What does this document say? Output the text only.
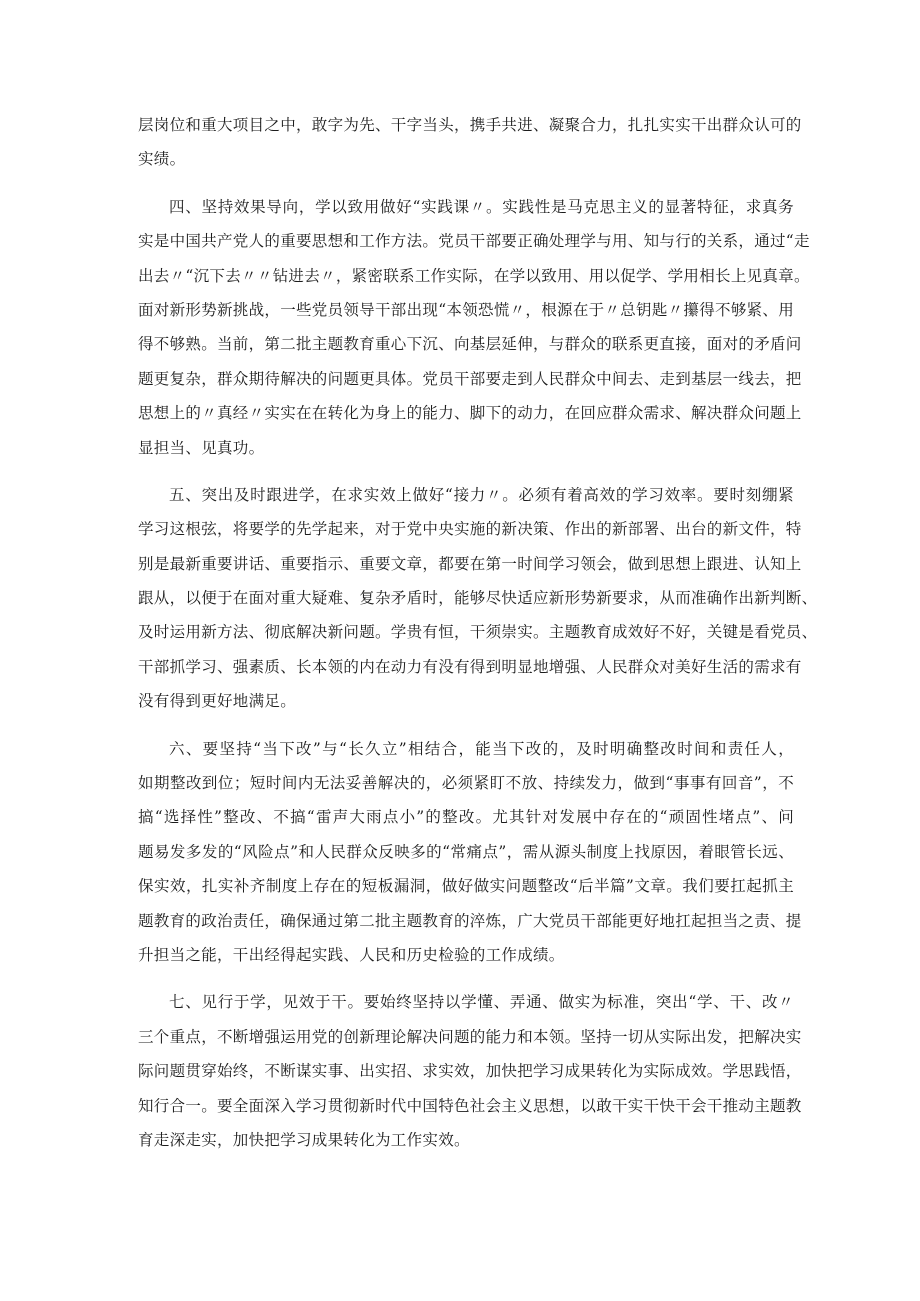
层岗位和重大项目之中，敢字为先、干字当头，携手共进、凝聚合力，扎扎实实干出群众认可的
实绩。

四、坚持效果导向，学以致用做好“实践课〃。实践性是马克思主义的显著特征，求真务
实是中国共产党人的重要思想和工作方法。党员干部要正确处理学与用、知与行的关系，通过“走
出去〃“沉下去〃〃钻进去〃，紧密联系工作实际，在学以致用、用以促学、学用相长上见真章。
面对新形势新挑战，一些党员领导干部出现“本领恐慌〃，根源在于〃总钥匙〃攥得不够紧、用
得不够熟。当前，第二批主题教育重心下沉、向基层延伸，与群众的联系更直接，面对的矛盾问
题更复杂，群众期待解决的问题更具体。党员干部要走到人民群众中间去、走到基层一线去，把
思想上的〃真经〃实实在在转化为身上的能力、脚下的动力，在回应群众需求、解决群众问题上
显担当、见真功。

五、突出及时跟进学，在求实效上做好“接力〃。必须有着高效的学习效率。要时刻绷紧
学习这根弦，将要学的先学起来，对于党中央实施的新决策、作出的新部署、出台的新文件，特
别是最新重要讲话、重要指示、重要文章，都要在第一时间学习领会，做到思想上跟进、认知上
跟从，以便于在面对重大疑难、复杂矛盾时，能够尽快适应新形势新要求，从而准确作出新判断、
及时运用新方法、彻底解决新问题。学贵有恒，干须崇实。主题教育成效好不好，关键是看党员、
干部抓学习、强素质、长本领的内在动力有没有得到明显地增强、人民群众对美好生活的需求有
没有得到更好地满足。

六、要坚持“当下改”与“长久立”相结合，能当下改的，及时明确整改时间和责任人，
如期整改到位；短时间内无法妥善解决的，必须紧盯不放、持续发力，做到“事事有回音”，不
搞“选择性”整改、不搞“雷声大雨点小”的整改。尤其针对发展中存在的“顽固性堵点”、问
题易发多发的“风险点”和人民群众反映多的“常痛点”，需从源头制度上找原因，着眼管长远、
保实效，扎实补齐制度上存在的短板漏洞，做好做实问题整改“后半篇”文章。我们要扛起抓主
题教育的政治责任，确保通过第二批主题教育的淬炼，广大党员干部能更好地扛起担当之责、提
升担当之能，干出经得起实践、人民和历史检验的工作成绩。

七、见行于学，见效于干。要始终坚持以学懂、弄通、做实为标准，突出“学、干、改〃
三个重点，不断增强运用党的创新理论解决问题的能力和本领。坚持一切从实际出发，把解决实
际问题贯穿始终，不断谋实事、出实招、求实效，加快把学习成果转化为实际成效。学思践悟，
知行合一。要全面深入学习贯彻新时代中国特色社会主义思想，以敢干实干快干会干推动主题教
育走深走实，加快把学习成果转化为工作实效。
